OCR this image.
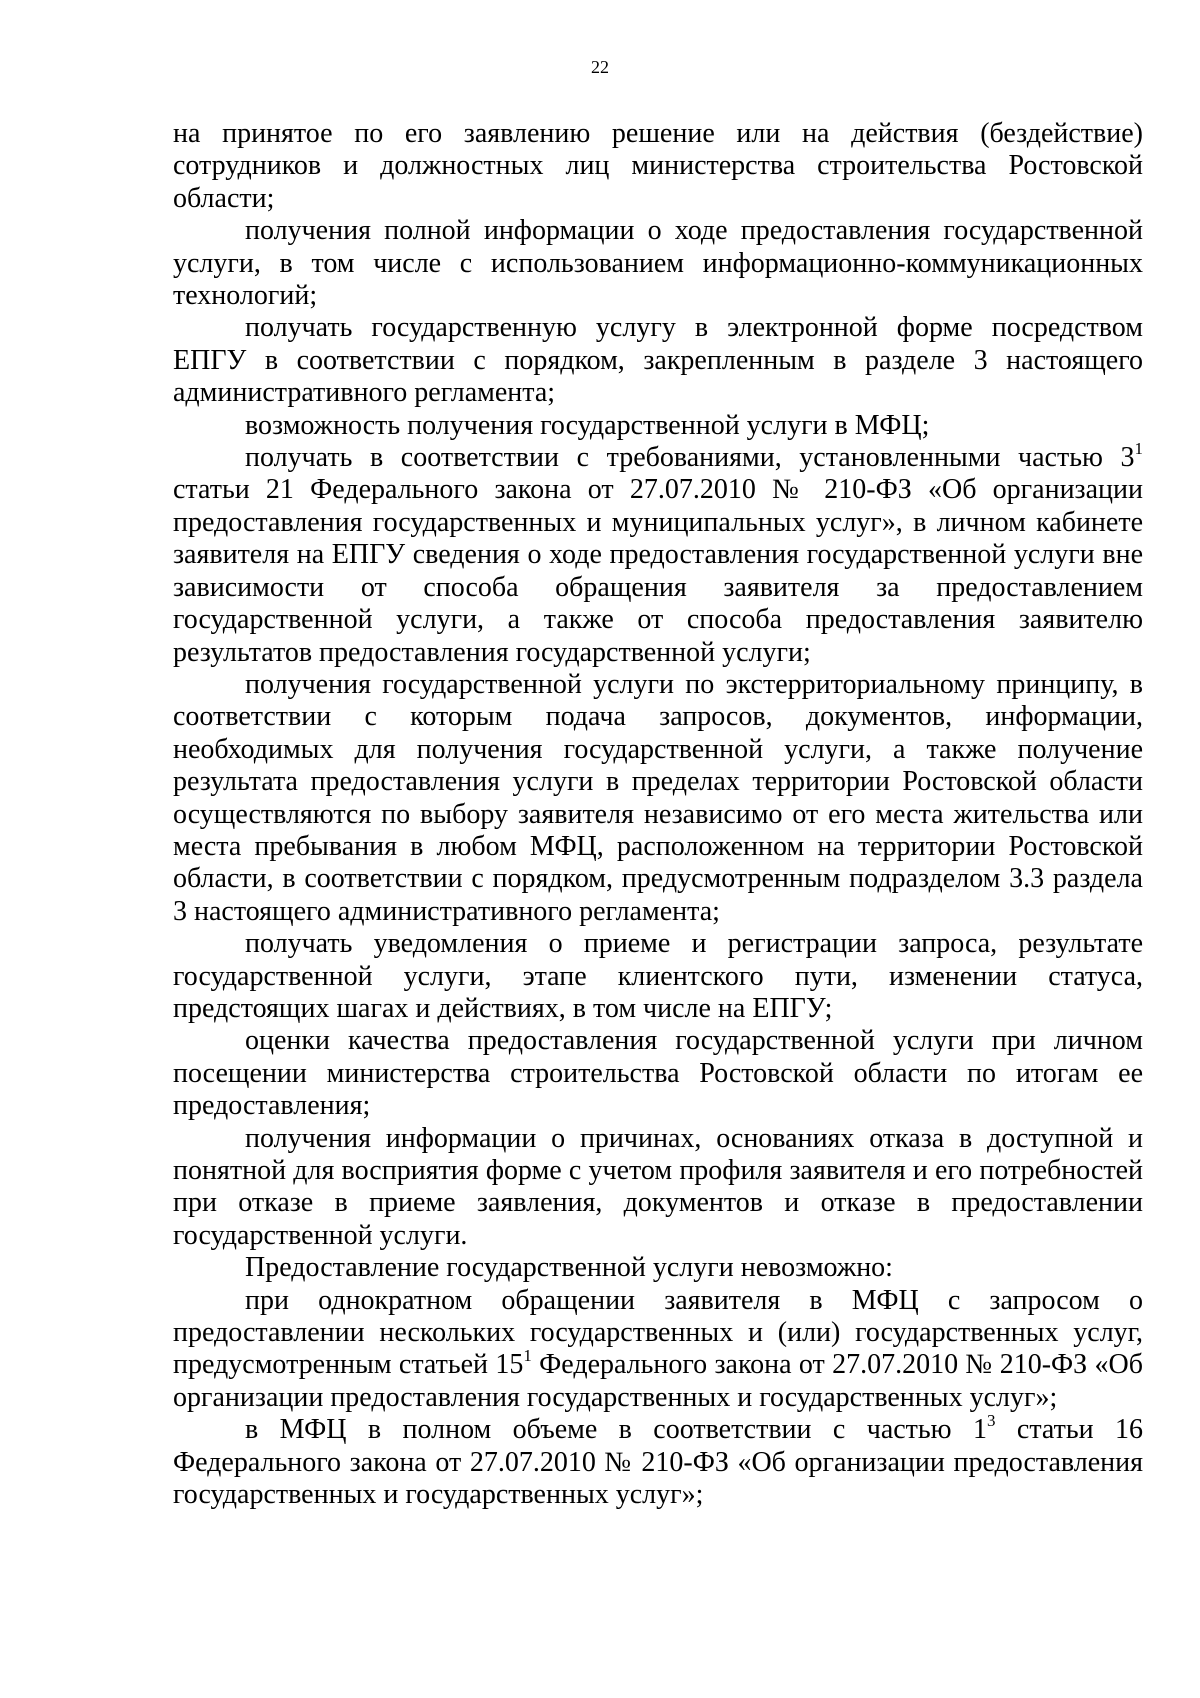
22

на принятое по его заявлению решение или на действия (бездействие) сотрудников и должностных лиц министерства строительства Ростовской области;

получения полной информации о ходе предоставления государственной услуги, в том числе с использованием информационно-коммуникационных технологий;

получать государственную услугу в электронной форме посредством ЕПГУ в соответствии с порядком, закрепленным в разделе 3 настоящего административного регламента;

возможность получения государственной услуги в МФЦ;

получать в соответствии с требованиями, установленными частью $3^1$ статьи 21 Федерального закона от 27.07.2010 № 210-ФЗ «Об организации предоставления государственных и муниципальных услуг», в личном кабинете заявителя на ЕПГУ сведения о ходе предоставления государственной услуги вне зависимости от способа обращения заявителя за предоставлением государственной услуги, а также от способа предоставления заявителю результатов предоставления государственной услуги;

получения государственной услуги по экстерриториальному принципу, в соответствии с которым подача запросов, документов, информации, необходимых для получения государственной услуги, а также получение результата предоставления услуги в пределах территории Ростовской области осуществляются по выбору заявителя независимо от его места жительства или места пребывания в любом МФЦ, расположенном на территории Ростовской области, в соответствии с порядком, предусмотренным подразделом 3.3 раздела 3 настоящего административного регламента;

получать уведомления о приеме и регистрации запроса, результате государственной услуги, этапе клиентского пути, изменении статуса, предстоящих шагах и действиях, в том числе на ЕПГУ;

оценки качества предоставления государственной услуги при личном посещении министерства строительства Ростовской области по итогам ее предоставления;

получения информации о причинах, основаниях отказа в доступной и понятной для восприятия форме с учетом профиля заявителя и его потребностей при отказе в приеме заявления, документов и отказе в предоставлении государственной услуги.

Предоставление государственной услуги невозможно:

при однократном обращении заявителя в МФЦ с запросом о предоставлении нескольких государственных и (или) государственных услуг, предусмотренным статьей $15^1$ Федерального закона от 27.07.2010 № 210-ФЗ «Об организации предоставления государственных и государственных услуг»;

в МФЦ в полном объеме в соответствии с частью $1^3$ статьи 16 Федерального закона от 27.07.2010 № 210-ФЗ «Об организации предоставления государственных и государственных услуг»;
